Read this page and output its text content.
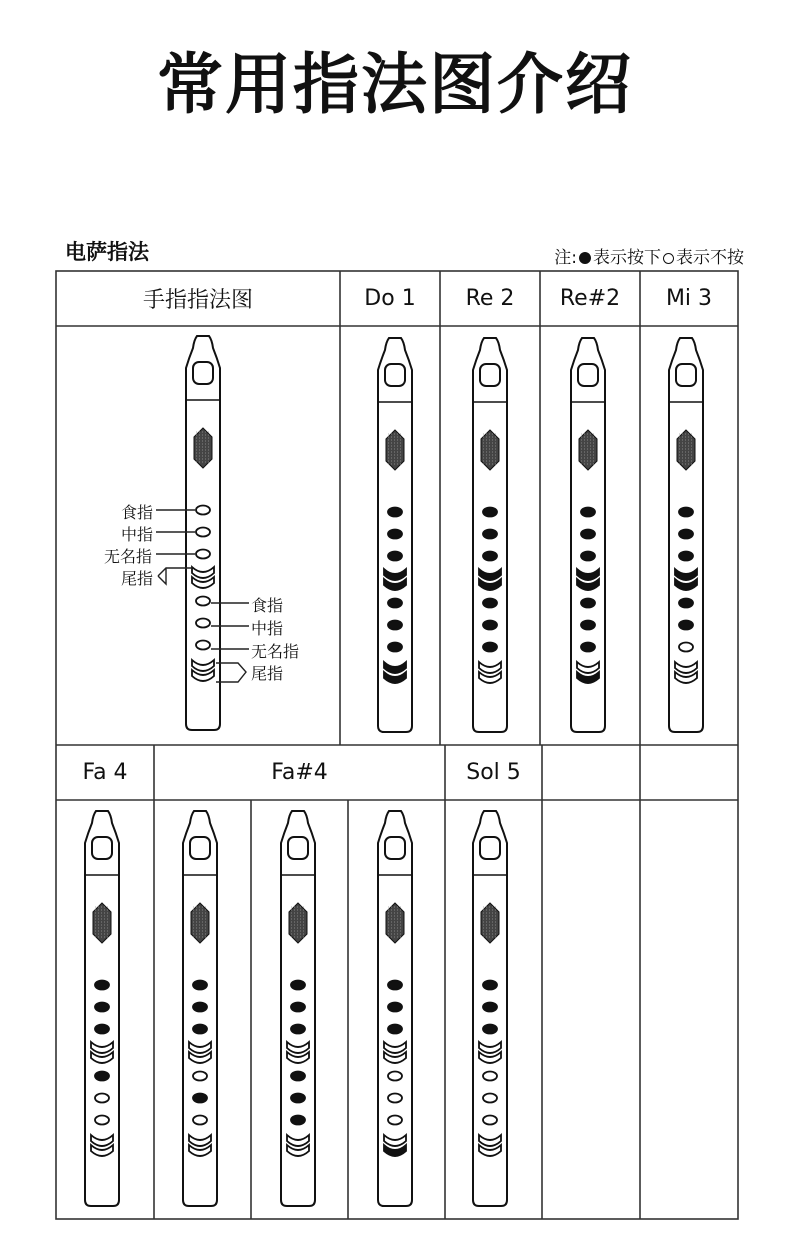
常用指法图介绍
电萨指法	注: 表示按下 表示不按
手指指法图	Do 1	Re 2	Re#2	Mi 3
Fa 4	Fa#4	Sol 5
食指
中指
无名指
尾指
食指
中指
无名指
尾指
